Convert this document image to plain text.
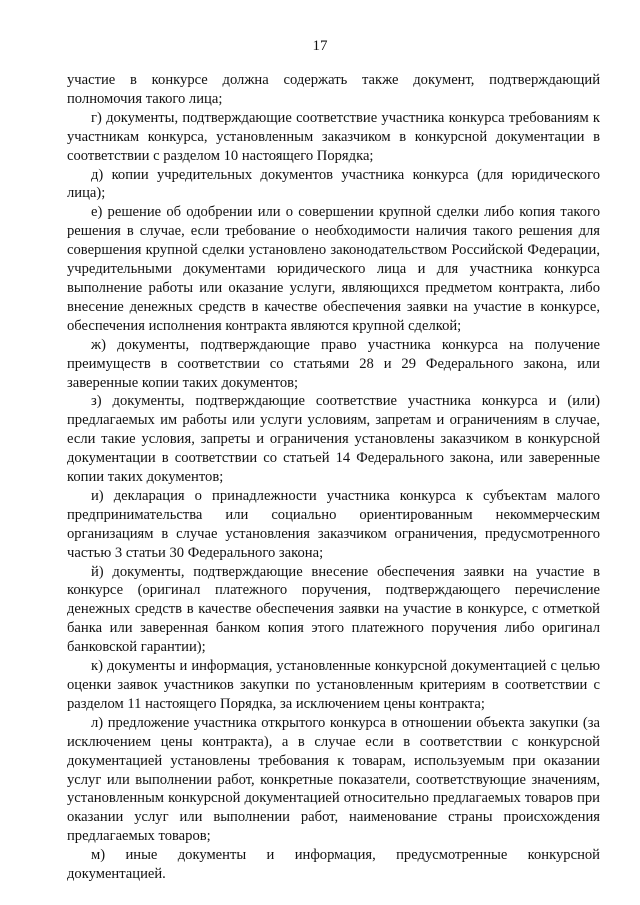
17

участие в конкурсе должна содержать также документ, подтверждающий полномочия такого лица;

г) документы, подтверждающие соответствие участника конкурса требованиям к участникам конкурса, установленным заказчиком в конкурсной документации в соответствии с разделом 10 настоящего Порядка;

д) копии учредительных документов участника конкурса (для юридического лица);

е) решение об одобрении или о совершении крупной сделки либо копия такого решения в случае, если требование о необходимости наличия такого решения для совершения крупной сделки установлено законодательством Российской Федерации, учредительными документами юридического лица и для участника конкурса выполнение работы или оказание услуги, являющихся предметом контракта, либо внесение денежных средств в качестве обеспечения заявки на участие в конкурсе, обеспечения исполнения контракта являются крупной сделкой;

ж) документы, подтверждающие право участника конкурса на получение преимуществ в соответствии со статьями 28 и 29 Федерального закона, или заверенные копии таких документов;

з) документы, подтверждающие соответствие участника конкурса и (или) предлагаемых им работы или услуги условиям, запретам и ограничениям в случае, если такие условия, запреты и ограничения установлены заказчиком в конкурсной документации в соответствии со статьей 14 Федерального закона, или заверенные копии таких документов;

и) декларация о принадлежности участника конкурса к субъектам малого предпринимательства или социально ориентированным некоммерческим организациям в случае установления заказчиком ограничения, предусмотренного частью 3 статьи 30 Федерального закона;

й) документы, подтверждающие внесение обеспечения заявки на участие в конкурсе (оригинал платежного поручения, подтверждающего перечисление денежных средств в качестве обеспечения заявки на участие в конкурсе, с отметкой банка или заверенная банком копия этого платежного поручения либо оригинал банковской гарантии);

к) документы и информация, установленные конкурсной документацией с целью оценки заявок участников закупки по установленным критериям в соответствии с разделом 11 настоящего Порядка, за исключением цены контракта;

л) предложение участника открытого конкурса в отношении объекта закупки (за исключением цены контракта), а в случае если в соответствии с конкурсной документацией установлены требования к товарам, используемым при оказании услуг или выполнении работ, конкретные показатели, соответствующие значениям, установленным конкурсной документацией относительно предлагаемых товаров при оказании услуг или выполнении работ, наименование страны происхождения предлагаемых товаров;

м) иные документы и информация, предусмотренные конкурсной документацией.
